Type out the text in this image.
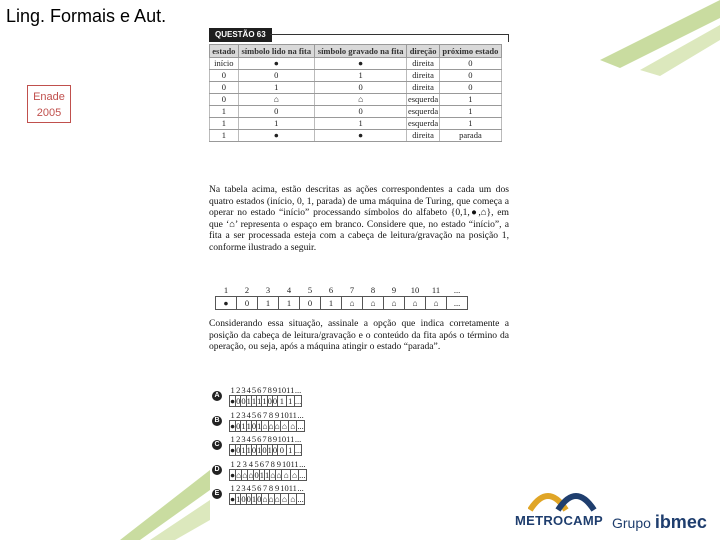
Ling. Formais e Aut.
Enade
2005
QUESTÃO 63
estado	símbolo lido na fita	símbolo gravado na fita	direção	próximo estado
início	●	●	direita	0
0	0	1	direita	0
0	1	0	direita	0
0	⌂	⌂	esquerda	1
1	0	0	esquerda	1
1	1	1	esquerda	1
1	●	●	direita	parada
Na tabela acima, estão descritas as ações correspondentes a cada um dos quatro estados (início, 0, 1, parada) de uma máquina de Turing, que começa a operar no estado “início” processando símbolos do alfabeto {0,1,●,⌂}, em que ‘⌂’ representa o espaço em branco. Considere que, no estado “início”, a fita a ser processada esteja com a cabeça de leitura/gravação na posição 1, conforme ilustrado a seguir.
1	2	3	4	5	6	7	8	9	10	11	...
●	0	1	1	0	1	⌂	⌂	⌂	⌂	⌂	...
Considerando essa situação, assinale a opção que indica corretamente a posição da cabeça de leitura/gravação e o conteúdo da fita após o término da operação, ou seja, após a máquina atingir o estado “parada”.
A
1	2	3	4	5	6	7	8	9	10	11	...
●	0	0	1	1	1	1	0	0	1	1	...
B
1	2	3	4	5	6	7	8	9	10	11	...
●	0	1	1	0	1	⌂	⌂	⌂	⌂	⌂	...
C
1	2	3	4	5	6	7	8	9	10	11	...
●	0	1	1	0	1	0	1	0	0	1	...
D
1	2	3	4	5	6	7	8	9	10	11	...
●	⌂	⌂	⌂	0	1	1	⌂	⌂	⌂	⌂	...
E
1	2	3	4	5	6	7	8	9	10	11	...
●	1	0	0	1	0	⌂	⌂	⌂	⌂	⌂	...
METROCAMP Grupo ibmec
